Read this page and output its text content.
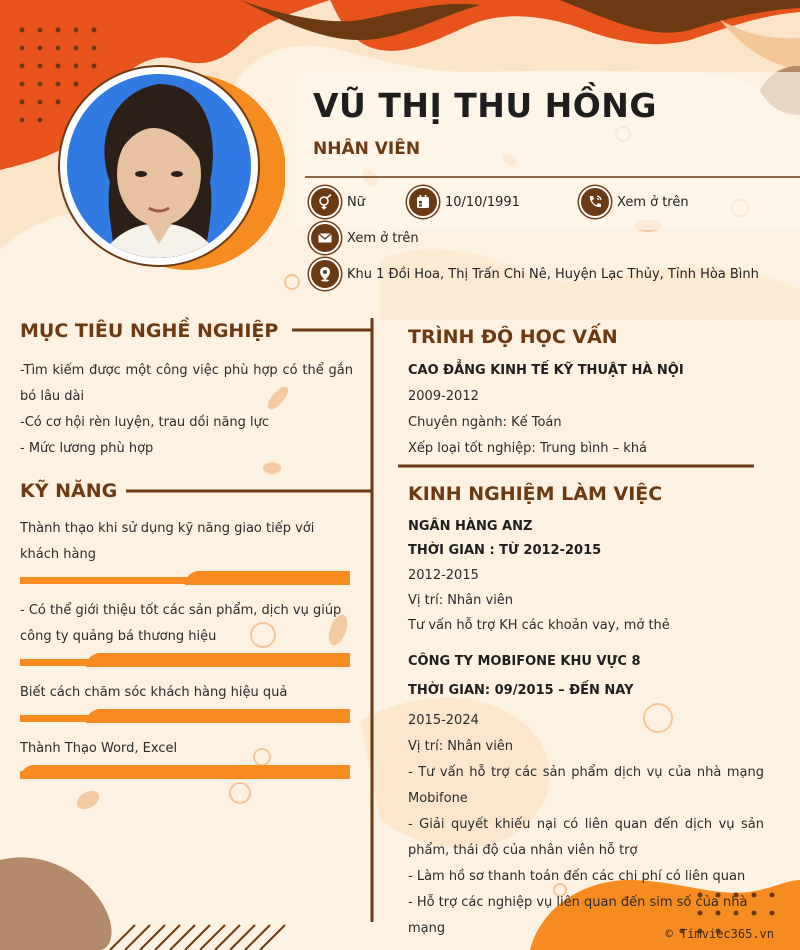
VŨ THỊ THU HỒNG
NHÂN VIÊN
Nữ	10/10/1991	Xem ở trên
Xem ở trên
Khu 1 Đồi Hoa, Thị Trấn Chi Nê, Huyện Lạc Thủy, Tỉnh Hòa Bình
MỤC TIÊU NGHỀ NGHIỆP
-Tìm kiếm được một công việc phù hợp có thể gắn bó lâu dài
-Có cơ hội rèn luyện, trau dồi năng lực
- Mức lương phù hợp
KỸ NĂNG
Thành thạo khi sử dụng kỹ năng giao tiếp với khách hàng
- Có thể giới thiệu tốt các sản phẩm, dịch vụ giúp công ty quảng bá thương hiệu
Biết cách chăm sóc khách hàng hiệu quả
Thành Thạo Word, Excel
TRÌNH ĐỘ HỌC VẤN
CAO ĐẲNG KINH TẾ KỸ THUẬT HÀ NỘI
2009-2012
Chuyên ngành: Kế Toán
Xếp loại tốt nghiệp: Trung bình – khá
KINH NGHIỆM LÀM VIỆC
NGÂN HÀNG ANZ
THỜI GIAN : TỪ 2012-2015
2012-2015
Vị trí: Nhân viên
Tư vấn hỗ trợ KH các khoản vay, mở thẻ
CÔNG TY MOBIFONE KHU VỰC 8
THỜI GIAN: 09/2015 – ĐẾN NAY
2015-2024
Vị trí: Nhân viên
- Tư vấn hỗ trợ các sản phẩm dịch vụ của nhà mạng Mobifone
- Giải quyết khiếu nại có liên quan đến dịch vụ sản phẩm, thái độ của nhân viên hỗ trợ
- Làm hồ sơ thanh toán đến các chi phí có liên quan
- Hỗ trợ các nghiệp vụ liên quan đến sim số của nhà mạng	© Timviec365.vn
